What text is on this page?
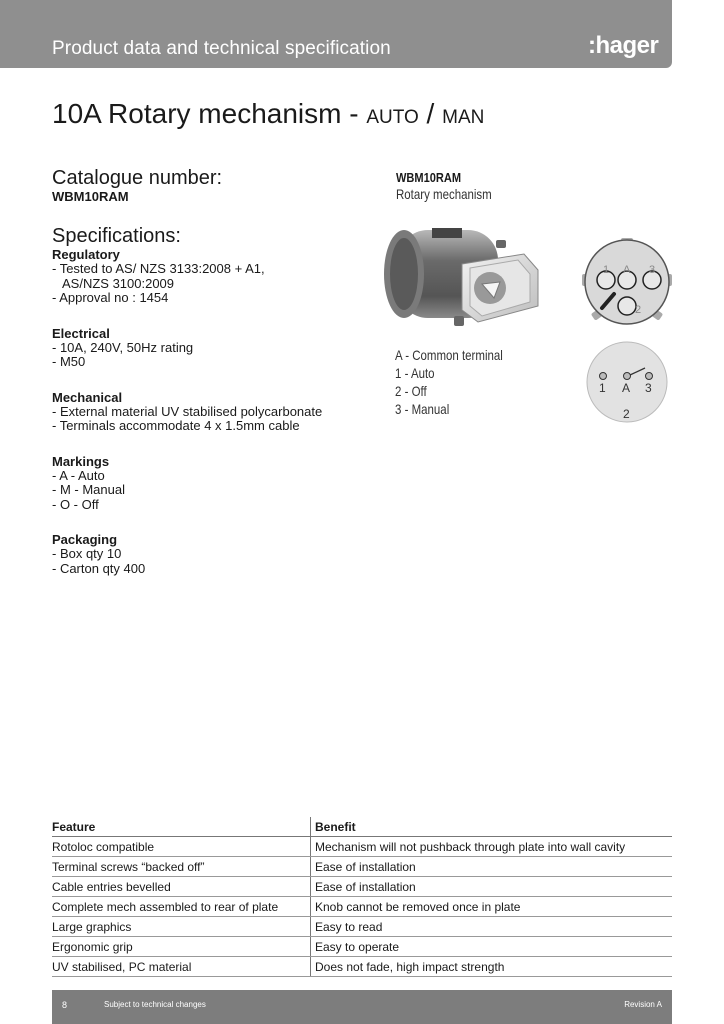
Product data and technical specification	:hager
10A Rotary mechanism - AUTO / MAN
Catalogue number:
WBM10RAM
Specifications:
Regulatory
- Tested to AS/ NZS 3133:2008 + A1,
AS/NZS 3100:2009
- Approval no : 1454
Electrical
- 10A, 240V, 50Hz rating
- M50
Mechanical
- External material UV stabilised polycarbonate
- Terminals accommodate 4 x 1.5mm cable
Markings
- A - Auto
- M - Manual
- O - Off
Packaging
- Box qty 10
- Carton qty 400
WBM10RAM
Rotary mechanism
1 A 3
2
1 A 3
2
A - Common terminal
1 - Auto
2 - Off
3 - Manual
Feature	Benefit
Rotoloc compatible	Mechanism will not pushback through plate into wall cavity
Terminal screws “backed off”	Ease of installation
Cable entries bevelled	Ease of installation
Complete mech assembled to rear of plate	Knob cannot be removed once in plate
Large graphics	Easy to read
Ergonomic grip	Easy to operate
UV stabilised, PC material	Does not fade, high impact strength
8	Subject to technical changes	Revision A
